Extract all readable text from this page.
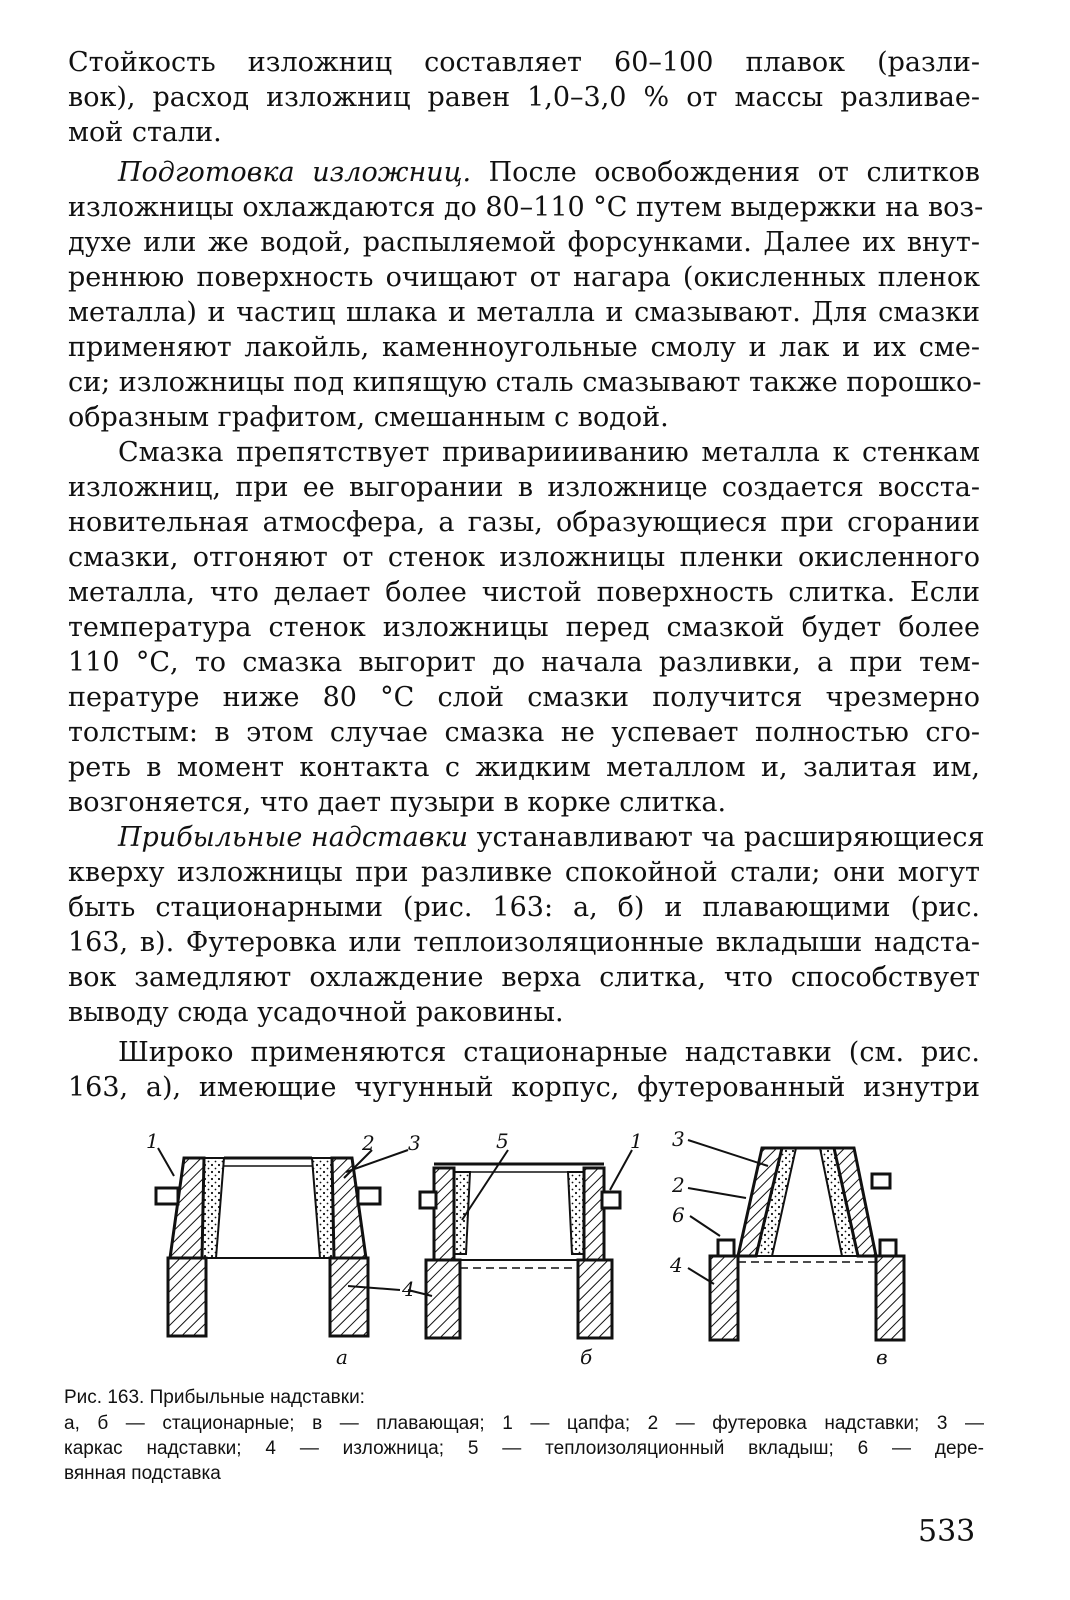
Стойкость изложниц составляет 60–100 плавок (разли-
вок), расход изложниц равен 1,0–3,0 % от массы разливае-
мой стали.
Подготовка изложниц. После освобождения от слитков
изложницы охлаждаются до 80–110 °С путем выдержки на воз-
духе или же водой, распыляемой форсунками. Далее их внут-
реннюю поверхность очищают от нагара (окисленных пленок
металла) и частиц шлака и металла и смазывают. Для смазки
применяют лакойль, каменноугольные смолу и лак и их сме-
си; изложницы под кипящую сталь смазывают также порошко-
образным графитом, смешанным с водой.
Смазка препятствует привариииванию металла к стенкам
изложниц, при ее выгорании в изложнице создается восста-
новительная атмосфера, а газы, образующиеся при сгорании
смазки, отгоняют от стенок изложницы пленки окисленного
металла, что делает более чистой поверхность слитка. Если
температура стенок изложницы перед смазкой будет более
110 °С, то смазка выгорит до начала разливки, а при тем-
пературе ниже 80 °С слой смазки получится чрезмерно
толстым: в этом случае смазка не успевает полностью сго-
реть в момент контакта с жидким металлом и, залитая им,
возгоняется, что дает пузыри в корке слитка.
Прибыльные надставки устанавливают ча расширяющиеся
кверху изложницы при разливке спокойной стали; они могут
быть стационарными (рис. 163: а, б) и плавающими (рис.
163, в). Футеровка или теплоизоляционные вкладыши надста-
вок замедляют охлаждение верха слитка, что способствует
выводу сюда усадочной раковины.
Широко применяются стационарные надставки (см. рис.
163, а), имеющие чугунный корпус, футерованный изнутри
1	2 3
4
а
5	1
б
3
2
6
4
в
Рис. 163. Прибыльные надставки:
а, б — стационарные; в — плавающая; 1 — цапфа; 2 — футеровка надставки; 3 —
каркас надставки; 4 — изложница; 5 — теплоизоляционный вкладыш; 6 — дере-
вянная подставка
533
